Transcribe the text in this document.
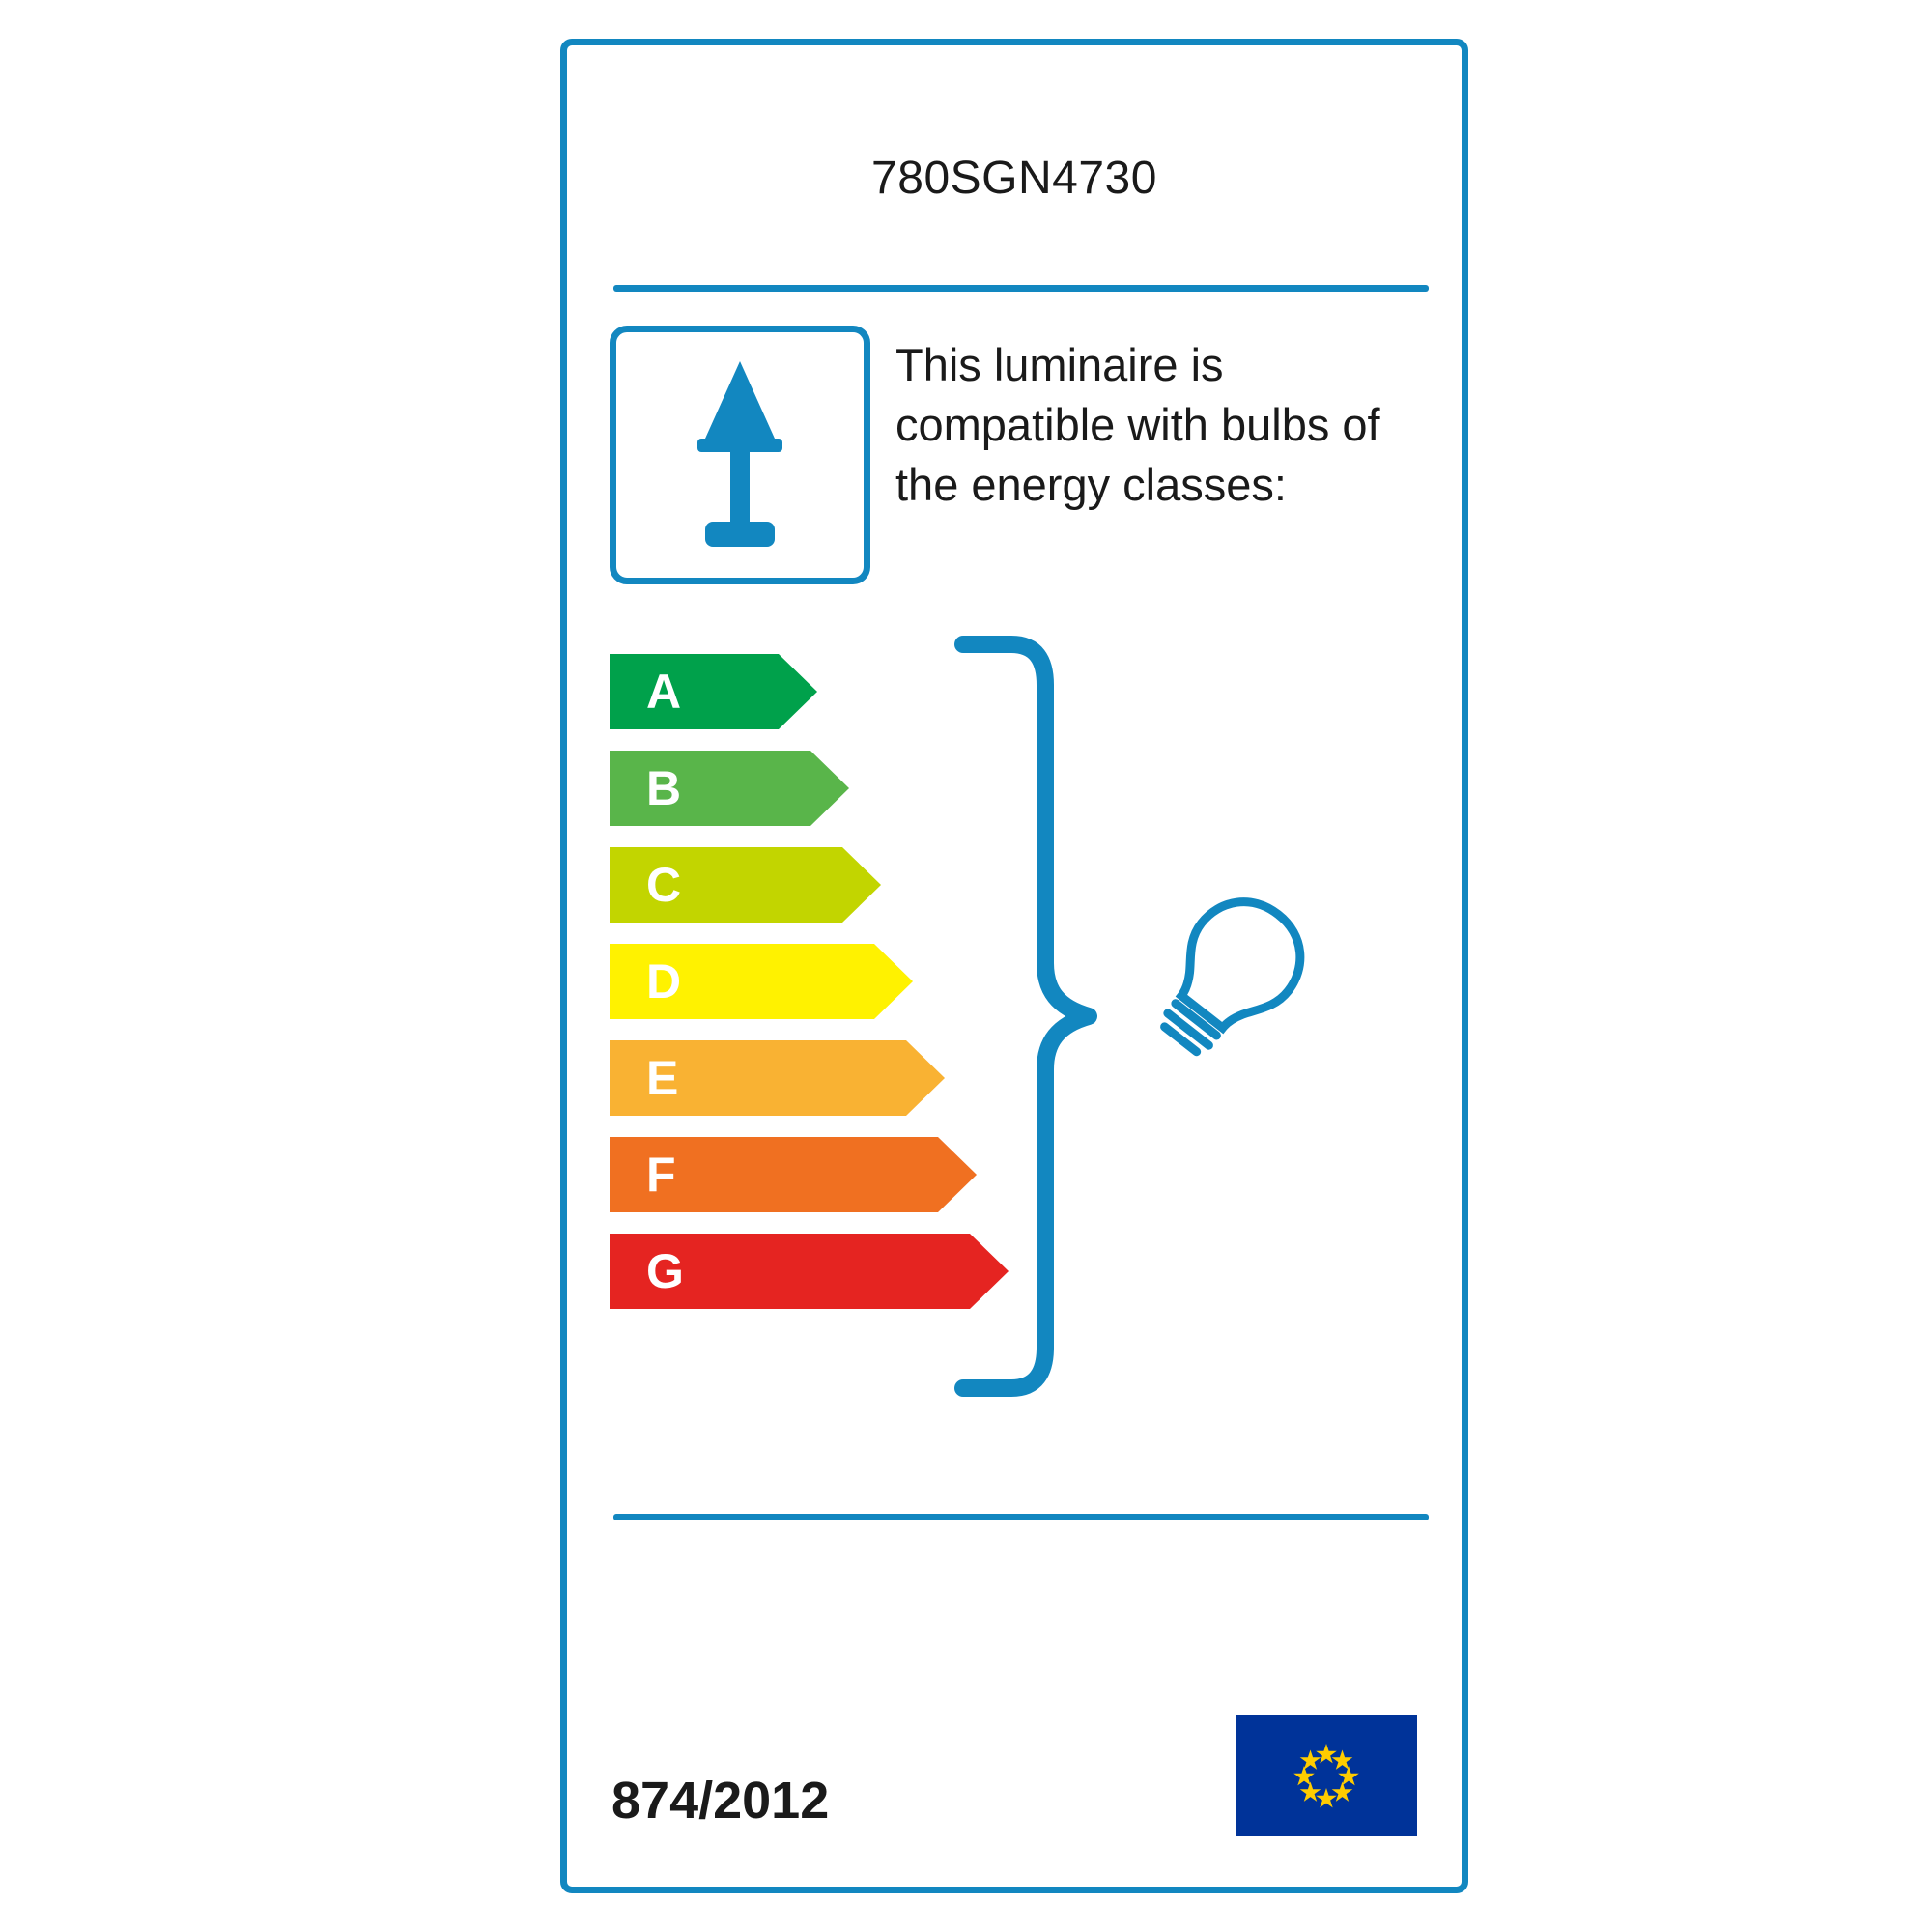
780SGN4730
This luminaire is compatible with bulbs of the energy classes:
A
B
C
D
E
F
G
874/2012
